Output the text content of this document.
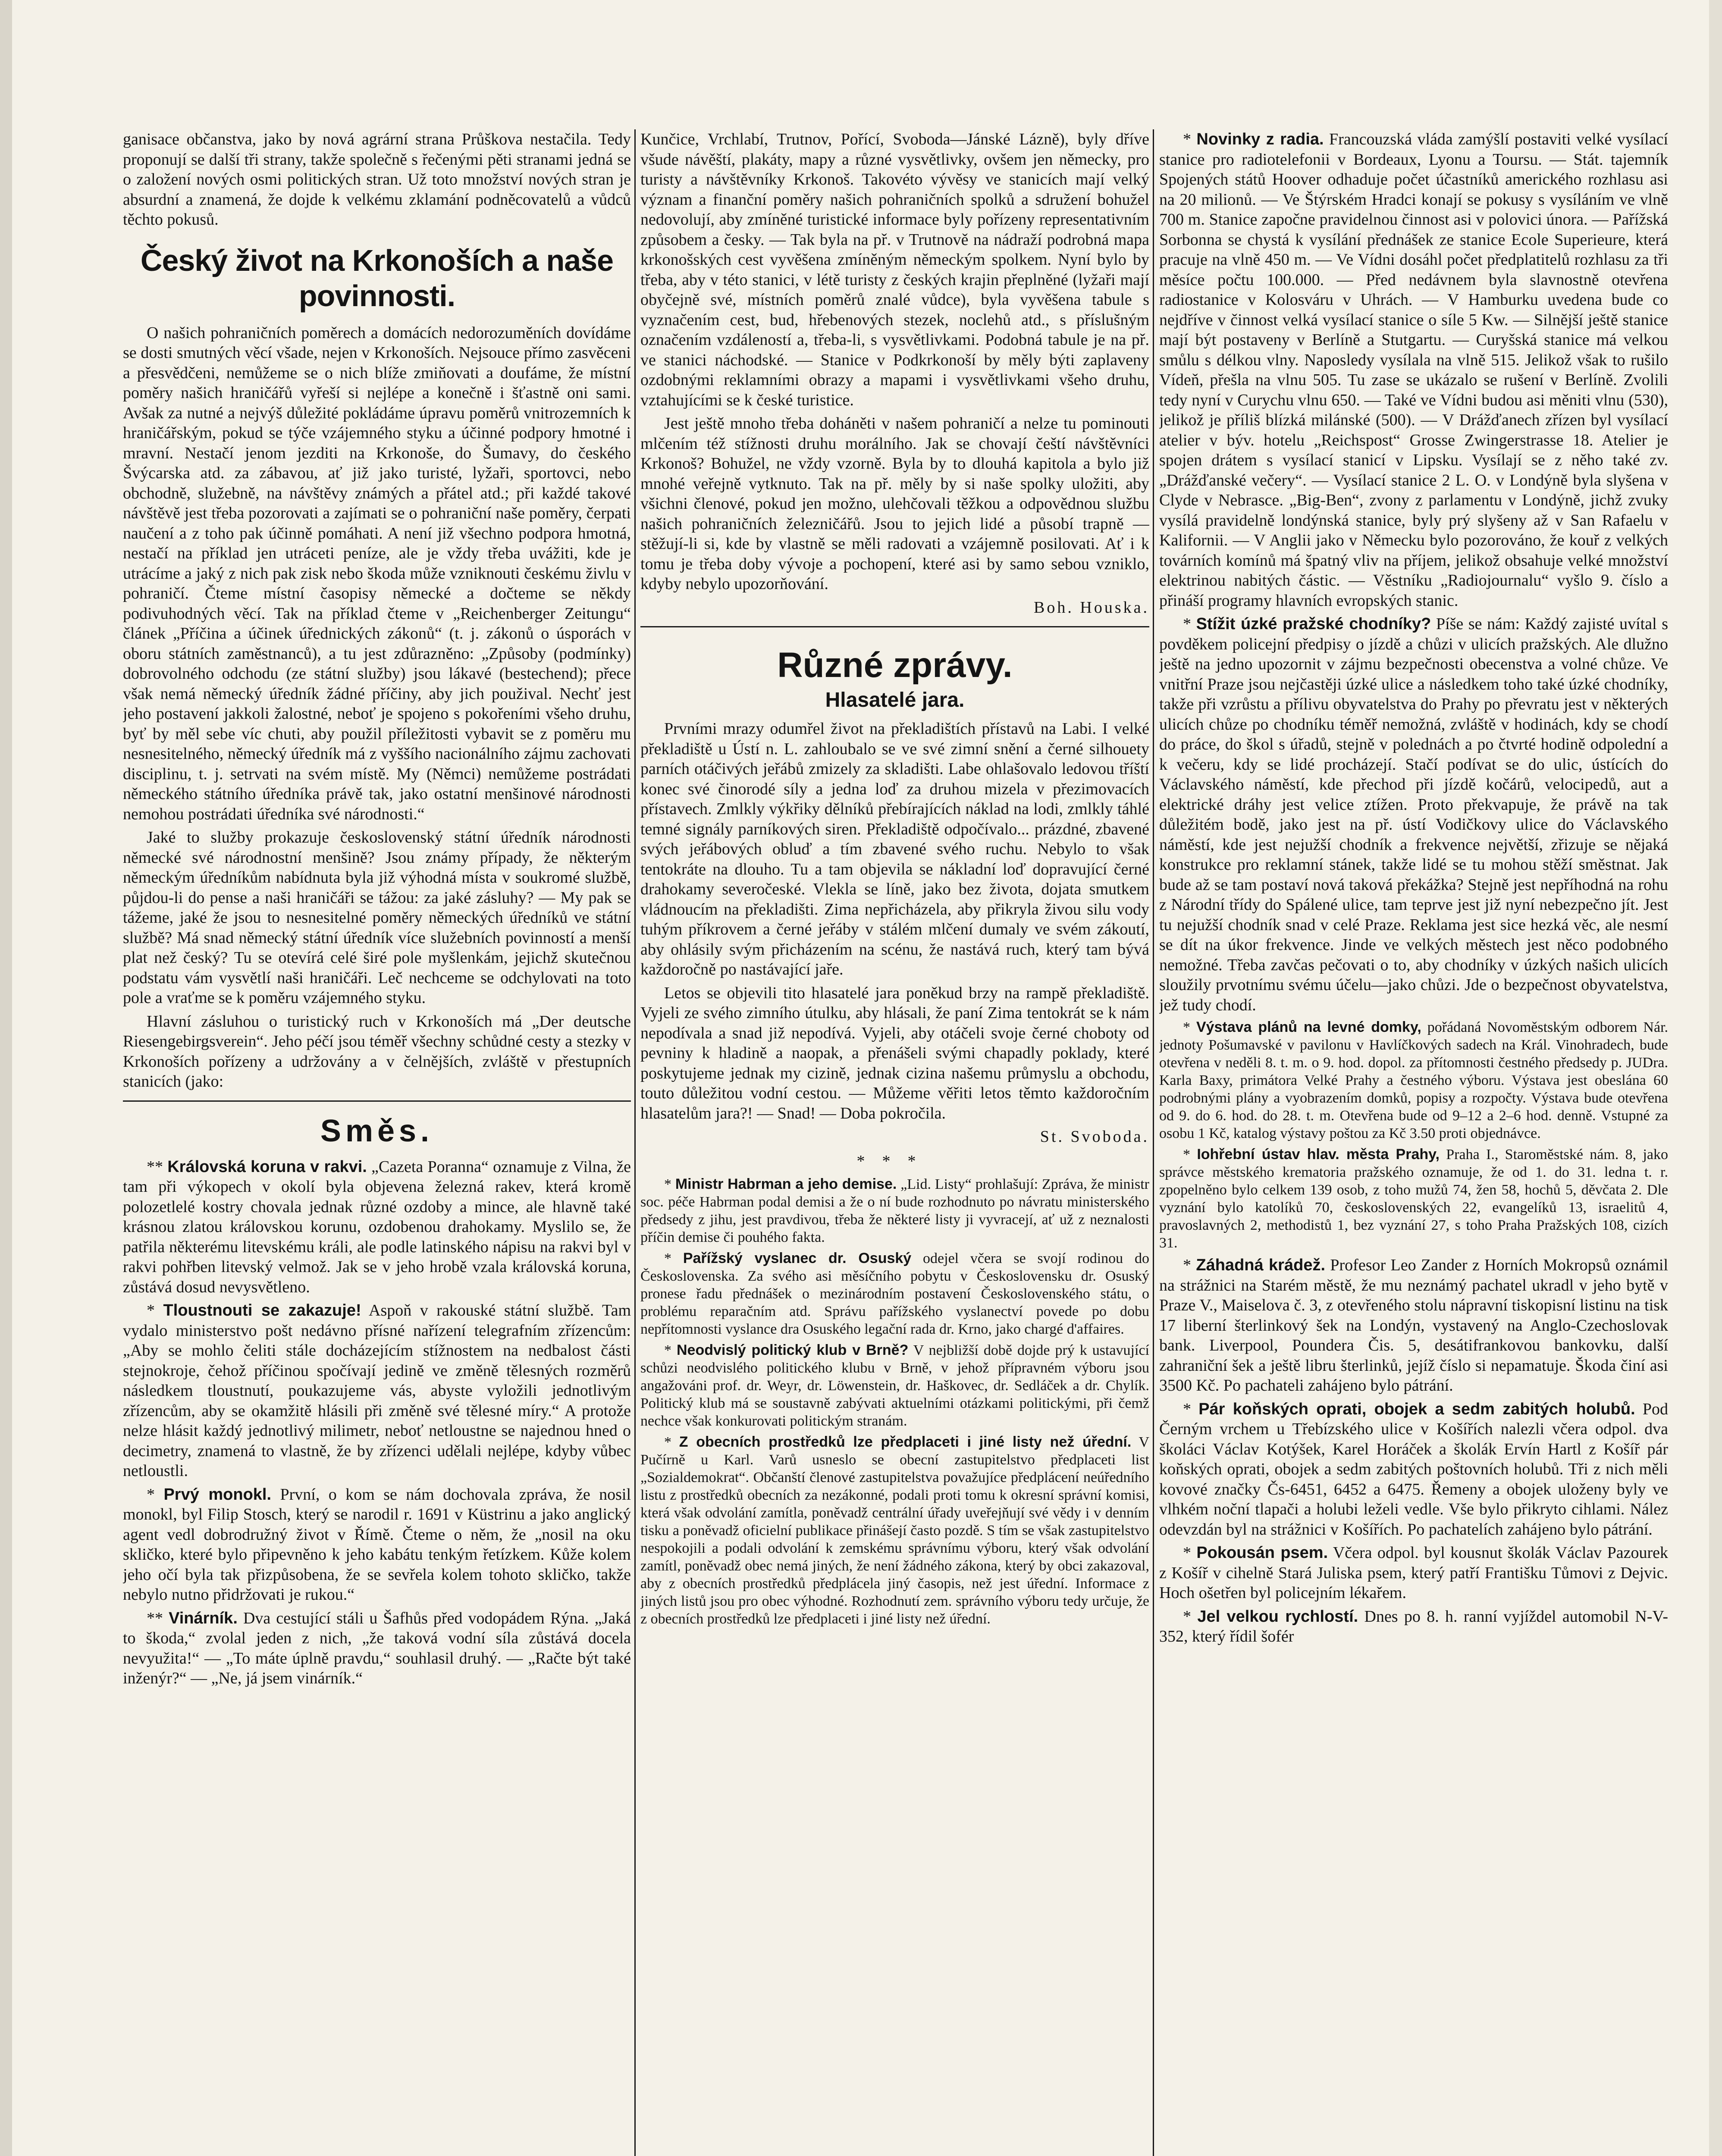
ganisace občanstva, jako by nová agrární strana Průškova nestačila. Tedy proponují se další tři strany, takže společně s řečenými pěti stranami jedná se o založení nových osmi politických stran. Už toto množství nových stran je absurdní a znamená, že dojde k velkému zklamání podněcovatelů a vůdců těchto pokusů.

Český život na Krkonoších a naše povinnosti.

O našich pohraničních poměrech a domácích nedorozuměních dovídáme se dosti smutných věcí všade, nejen v Krkonoších. Nejsouce přímo zasvěceni a přesvědčeni, nemůžeme se o nich blíže zmiňovati a doufáme, že místní poměry našich hraničářů vyřeší si nejlépe a konečně i šťastně oni sami. Avšak za nutné a nejvýš důležité pokládáme úpravu poměrů vnitrozemních k hraničářským, pokud se týče vzájemného styku a účinné podpory hmotné i mravní. Nestačí jenom jezditi na Krkonoše, do Šumavy, do českého Švýcarska atd. za zábavou, ať již jako turisté, lyžaři, sportovci, nebo obchodně, služebně, na návštěvy známých a přátel atd.; při každé takové návštěvě jest třeba pozorovati a zajímati se o pohraniční naše poměry, čerpati naučení a z toho pak účinně pomáhati. A není již všechno podpora hmotná, nestačí na příklad jen utráceti peníze, ale je vždy třeba uvážiti, kde je utrácíme a jaký z nich pak zisk nebo škoda může vzniknouti českému živlu v pohraničí. Čteme místní časopisy německé a dočteme se někdy podivuhodných věcí. Tak na příklad čteme v „Reichenberger Zeitungu“ článek „Příčina a účinek úřednických zákonů“ (t. j. zákonů o úsporách v oboru státních zaměstnanců), a tu jest zdůrazněno: „Způsoby (podmínky) dobrovolného odchodu (ze státní služby) jsou lákavé (bestechend); přece však nemá německý úředník žádné příčiny, aby jich použival. Nechť jest jeho postavení jakkoli žalostné, neboť je spojeno s pokořeními všeho druhu, byť by měl sebe víc chuti, aby použil příležitosti vybavit se z poměru mu nesnesitelného, německý úředník má z vyššího nacionálního zájmu zachovati disciplinu, t. j. setrvati na svém místě. My (Němci) nemůžeme postrádati německého státního úředníka právě tak, jako ostatní menšinové národnosti nemohou postrádati úředníka své národnosti.“

Jaké to služby prokazuje československý státní úředník národnosti německé své národnostní menšině? Jsou známy případy, že některým německým úředníkům nabídnuta byla již výhodná místa v soukromé službě, půjdou-li do pense a naši hraničáři se tážou: za jaké zásluhy? — My pak se tážeme, jaké že jsou to nesnesitelné poměry německých úředníků ve státní službě? Má snad německý státní úředník více služebních povinností a menší plat než český? Tu se otevírá celé širé pole myšlenkám, jejichž skutečnou podstatu vám vysvětlí naši hraničáři. Leč nechceme se odchylovati na toto pole a vraťme se k poměru vzájemného styku.

Hlavní zásluhou o turistický ruch v Krkonoších má „Der deutsche Riesengebirgsverein“. Jeho péčí jsou téměř všechny schůdné cesty a stezky v Krkonoších pořízeny a udržovány a v čelnějších, zvláště v přestupních stanicích (jako:

Směs.

** Královská koruna v rakvi. „Cazeta Porannа“ oznamuje z Vilna, že tam při výkopech v okolí byla objevena železná rakev, která kromě polozetlelé kostry chovala jednak různé ozdoby a mince, ale hlavně také krásnou zlatou královskou korunu, ozdobenou drahokamy. Myslilo se, že patřila některému litevskému králi, ale podle latinského nápisu na rakvi byl v rakvi pohřben litevský velmož. Jak se v jeho hrobě vzala královská koruna, zůstává dosud nevysvětleno.

* Tloustnouti se zakazuje! Aspoň v rakouské státní službě. Tam vydalo ministerstvo pošt nedávno přísné nařízení telegrafním zřízencům: „Aby se mohlo čeliti stále docházejícím stížnostem na nedbalost části stejnokroje, čehož příčinou spočívají jedině ve změně tělesných rozměrů následkem tloustnutí, poukazujeme vás, abyste vyložili jednotlivým zřízencům, aby se okamžitě hlásili při změně své tělesné míry.“ A protože nelze hlásit každý jednotlivý milimetr, neboť netloustne se najednou hned o decimetry, znamená to vlastně, že by zřízenci udělali nejlépe, kdyby vůbec netloustli.

* Prvý monokl. První, o kom se nám dochovala zpráva, že nosil monokl, byl Filip Stosch, který se narodil r. 1691 v Küstrinu a jako anglický agent vedl dobrodružný život v Římě. Čteme o něm, že „nosil na oku skličko, které bylo připevněno k jeho kabátu tenkým řetízkem. Kůže kolem jeho očí byla tak přizpůsobena, že se sevřela kolem tohoto skličko, takže nebylo nutno přidržovati je rukou.“

** Vinárník. Dva cestující stáli u Šafhůs před vodopádem Rýna. „Jaká to škoda,“ zvolal jeden z nich, „že taková vodní síla zůstává docela nevyužita!“ — „To máte úplně pravdu,“ souhlasil druhý. — „Račte být také inženýr?“ — „Ne, já jsem vinárník.“

Kunčice, Vrchlabí, Trutnov, Pořící, Svoboda—Jánské Lázně), byly dříve všude návěští, plakáty, mapy a různé vysvětlivky, ovšem jen německy, pro turisty a návštěvníky Krkonoš. Takovéto vývěsy ve stanicích mají velký význam a finanční poměry našich pohraničních spolků a sdružení bohužel nedovolují, aby zmíněné turistické informace byly pořízeny representativním způsobem a česky. — Tak byla na př. v Trutnově na nádraží podrobná mapa krkonošských cest vyvěšena zmíněným německým spolkem. Nyní bylo by třeba, aby v této stanici, v létě turisty z českých krajin přeplněné (lyžaři mají obyčejně své, místních poměrů znalé vůdce), byla vyvěšena tabule s vyznačením cest, bud, hřebenových stezek, noclehů atd., s příslušným označením vzdáleností a, třeba-li, s vysvětlivkami. Podobná tabule je na př. ve stanici náchodské. — Stanice v Podkrkonoší by měly býti zaplaveny ozdobnými reklamními obrazy a mapami i vysvětlivkami všeho druhu, vztahujícími se k české turistice.

Jest ještě mnoho třeba doháněti v našem pohraničí a nelze tu pominouti mlčením též stížnosti druhu morálního. Jak se chovají čeští návštěvníci Krkonoš? Bohužel, ne vždy vzorně. Byla by to dlouhá kapitola a bylo již mnohé veřejně vytknuto. Tak na př. měly by si naše spolky uložiti, aby všichni členové, pokud jen možno, ulehčovali těžkou a odpovědnou službu našich pohraničních železničářů. Jsou to jejich lidé a působí trapně — stěžují-li si, kde by vlastně se měli radovati a vzájemně posilovati. Ať i k tomu je třeba doby vývoje a pochopení, které asi by samo sebou vzniklo, kdyby nebylo upozorňování.

Boh. Houska.

Různé zprávy.
Hlasatelé jara.

Prvními mrazy odumřel život na překladištích přístavů na Labi. I velké překladiště u Ústí n. L. zahloubalo se ve své zimní snění a černé silhouety parních otáčivých jeřábů zmizely za skladišti. Labe ohlašovalo ledovou tříští konec své činorodé síly a jedna loď za druhou mizela v přezimovacích přístavech. Zmlkly výkřiky dělníků přebírajících náklad na lodi, zmlkly táhlé temné signály parníkových siren. Překladiště odpočívalo... prázdné, zbavené svých jeřábových obluď a tím zbavené svého ruchu. Nebylo to však tentokráte na dlouho. Tu a tam objevila se nákladní loď dopravující černé drahokamy severočeské. Vlekla se líně, jako bez života, dojata smutkem vládnoucím na překladišti. Zima nepřicházela, aby přikryla živou silu vody tuhým příkrovem a černé jeřáby v stálém mlčení dumaly ve svém zákoutí, aby ohlásily svým přicházením na scénu, že nastává ruch, který tam bývá každoročně po nastávající jaře.

Letos se objevili tito hlasatelé jara poněkud brzy na rampě překladiště. Vyjeli ze svého zimního útulku, aby hlásali, že paní Zima tentokrát se k nám nepodívala a snad již nepodívá. Vyjeli, aby otáčeli svoje černé choboty od pevniny k hladině a naopak, a přenášeli svými chapadly poklady, které poskytujeme jednak my cizině, jednak cizina našemu průmyslu a obchodu, touto důležitou vodní cestou. — Můžeme věřiti letos těmto každoročním hlasatelům jara?! — Snad! — Doba pokročila.

St. Svoboda.

***

* Ministr Habrman a jeho demise. „Lid. Listy“ prohlašují: Zpráva, že ministr soc. péče Habrman podal demisi a že o ní bude rozhodnuto po návratu ministerského předsedy z jihu, jest pravdivou, třeba že některé listy ji vyvracejí, ať už z neznalosti příčin demise či pouhého fakta.

* Pařížský vyslanec dr. Osuský odejel včera se svojí rodinou do Československa. Za svého asi měsíčního pobytu v Československu dr. Osuský pronese řadu přednášek o mezinárodním postavení Československého státu, o problému reparačním atd. Správu pařížského vyslanectví povede po dobu nepřítomnosti vyslance dra Osuského legační rada dr. Krno, jako chargé d'affaires.

* Neodvislý politický klub v Brně? V nejbližší době dojde prý k ustavující schůzi neodvislého politického klubu v Brně, v jehož přípravném výboru jsou angažováni prof. dr. Weyr, dr. Löwenstein, dr. Haškovec, dr. Sedláček a dr. Chylík. Politický klub má se soustavně zabývati aktuelními otázkami politickými, při čemž nechce však konkurovati politickým stranám.

* Z obecních prostředků lze předplaceti i jiné listy než úřední. V Pučírně u Karl. Varů usneslo se obecní zastupitelstvo předplaceti list „Sozialdemokrat“. Občanští členové zastupitelstva považujíce předplácení neúředního listu z prostředků obecních za nezákonné, podali proti tomu k okresní správní komisi, která však odvolání zamítla, poněvadž centrální úřady uveřejňují své vědy i v denním tisku a poněvadž oficielní publikace přinášejí často pozdě. S tím se však zastupitelstvo nespokojili a podali odvolání k zemskému správnímu výboru, který však odvolání zamítl, poněvadž obec nemá jiných, že není žádného zákona, který by obci zakazoval, aby z obecních prostředků předplácela jiný časopis, než jest úřední. Informace z jiných listů jsou pro obec výhodné. Rozhodnutí zem. správního výboru tedy určuje, že z obecních prostředků lze předplaceti i jiné listy než úřední.

* Novinky z radia. Francouzská vláda zamýšlí postaviti velké vysílací stanice pro radiotelefonii v Bordeaux, Lyonu a Toursu. — Stát. tajemník Spojených států Hoover odhaduje počet účastníků amerického rozhlasu asi na 20 milionů. — Ve Štýrském Hradci konají se pokusy s vysíláním ve vlně 700 m. Stanice započne pravidelnou činnost asi v polovici února. — Pařížská Sorbonna se chystá k vysílání přednášek ze stanice Ecole Superieure, která pracuje na vlně 450 m. — Ve Vídni dosáhl počet předplatitelů rozhlasu za tři měsíce počtu 100.000. — Před nedávnem byla slavnostně otevřena radiostanice v Kolosváru v Uhrách. — V Hamburku uvedena bude co nejdříve v činnost velká vysílací stanice o síle 5 Kw. — Silnější ještě stanice mají být postaveny v Berlíně a Stutgartu. — Curyšská stanice má velkou smůlu s délkou vlny. Naposledy vysílala na vlně 515. Jelikož však to rušilo Vídeň, přešla na vlnu 505. Tu zase se ukázalo se rušení v Berlíně. Zvolili tedy nyní v Curychu vlnu 650. — Také ve Vídni budou asi měniti vlnu (530), jelikož je příliš blízká milánské (500). — V Drážďanech zřízen byl vysílací atelier v býv. hotelu „Reichspost“ Grosse Zwingerstrasse 18. Atelier je spojen drátem s vysílací stanicí v Lipsku. Vysílají se z něho také zv. „Drážďanské večery“. — Vysílací stanice 2 L. O. v Londýně byla slyšena v Clyde v Nebrasce. „Big-Ben“, zvony z parlamentu v Londýně, jichž zvuky vysílá pravidelně londýnská stanice, byly prý slyšeny až v San Rafaelu v Kalifornii. — V Anglii jako v Německu bylo pozorováno, že kouř z velkých továrních komínů má špatný vliv na příjem, jelikož obsahuje velké množství elektrinou nabitých částic. — Věstníku „Radiojournalu“ vyšlo 9. číslo a přináší programy hlavních evropských stanic.

* Stížit úzké pražské chodníky? Píše se nám: Každý zajisté uvítal s povděkem policejní předpisy o jízdě a chůzi v ulicích pražských. Ale dlužno ještě na jedno upozornit v zájmu bezpečnosti obecenstva a volné chůze. Ve vnitřní Praze jsou nejčastěji úzké ulice a následkem toho také úzké chodníky, takže při vzrůstu a přílivu obyvatelstva do Prahy po převratu jest v některých ulicích chůze po chodníku téměř nemožná, zvláště v hodinách, kdy se chodí do práce, do škol s úřadů, stejně v polednách a po čtvrté hodině odpolední a k večeru, kdy se lidé procházejí. Stačí podívat se do ulic, ústících do Václavského náměstí, kde přechod při jízdě kočárů, velocipedů, aut a elektrické dráhy jest velice ztížen. Proto překvapuje, že právě na tak důležitém bodě, jako jest na př. ústí Vodičkovy ulice do Václavského náměstí, kde jest nejužší chodník a frekvence největší, zřizuje se nějaká konstrukce pro reklamní stánek, takže lidé se tu mohou stěží směstnat. Jak bude až se tam postaví nová taková překážka? Stejně jest nepříhodná na rohu z Národní třídy do Spálené ulice, tam teprve jest již nyní nebezpečno jít. Jest tu nejužší chodník snad v celé Praze. Reklama jest sice hezká věc, ale nesmí se dít na úkor frekvence. Jinde ve velkých městech jest něco podobného nemožné. Třeba zavčas pečovati o to, aby chodníky v úzkých našich ulicích sloužily prvotnímu svému účelu—jako chůzi. Jde o bezpečnost obyvatelstva, jež tudy chodí.

* Výstava plánů na levné domky, pořádaná Novoměstským odborem Nár. jednoty Pošumavské v pavilonu v Havlíčkových sadech na Král. Vinohradech, bude otevřena v neděli 8. t. m. o 9. hod. dopol. za přítomnosti čestného předsedy p. JUDra. Karla Baxy, primátora Velké Prahy a čestného výboru. Výstava jest obeslána 60 podrobnými plány a vyobrazením domků, popisy a rozpočty. Výstava bude otevřena od 9. do 6. hod. do 28. t. m. Otevřena bude od 9–12 a 2–6 hod. denně. Vstupné za osobu 1 Kč, katalog výstavy poštou za Kč 3.50 proti objednávce.

* Iohřební ústav hlav. města Prahy, Praha I., Staroměstské nám. 8, jako správce městského krematoria pražského oznamuje, že od 1. do 31. ledna t. r. zpopelněno bylo celkem 139 osob, z toho mužů 74, žen 58, hochů 5, děvčata 2. Dle vyznání bylo katolíků 70, československých 22, evangelíků 13, israelitů 4, pravoslavných 2, methodistů 1, bez vyznání 27, s toho Praha Pražských 108, cizích 31.

* Záhadná krádež. Profesor Leo Zander z Horních Mokropsů oznámil na strážnici na Starém městě, že mu neznámý pachatel ukradl v jeho bytě v Praze V., Maiselova č. 3, z otevřeného stolu nápravní tiskopisní listinu na tisk 17 liberní šterlinkový šek na Londýn, vystavený na Anglo-Czechoslovak bank. Liverpool, Poundera Čis. 5, desátifrankovou bankovku, další zahraniční šek a ještě libru šterlinků, jejíž číslo si nepamatuje. Škoda činí asi 3500 Kč. Po pachateli zahájeno bylo pátrání.

* Pár koňských oprati, obojek a sedm zabitých holubů. Pod Černým vrchem u Třebízského ulice v Košířích nalezli včera odpol. dva školáci Václav Kotýšek, Karel Horáček a školák Ervín Hartl z Košíř pár koňských oprati, obojek a sedm zabitých poštovních holubů. Tři z nich měli kovové značky Čs-6451, 6452 a 6475. Řemeny a obojek uloženy byly ve vlhkém noční tlapači a holubi leželi vedle. Vše bylo přikryto cihlami. Nález odevzdán byl na strážnici v Košířích. Po pachatelích zahájeno bylo pátrání.

* Pokousán psem. Včera odpol. byl kousnut školák Václav Pazourek z Košíř v cihelně Stará Juliska psem, který patří Františku Tůmovi z Dejvic. Hoch ošetřen byl policejním lékařem.

* Jel velkou rychlostí. Dnes po 8. h. ranní vyjíždel automobil N-V-352, který řídil šofér
